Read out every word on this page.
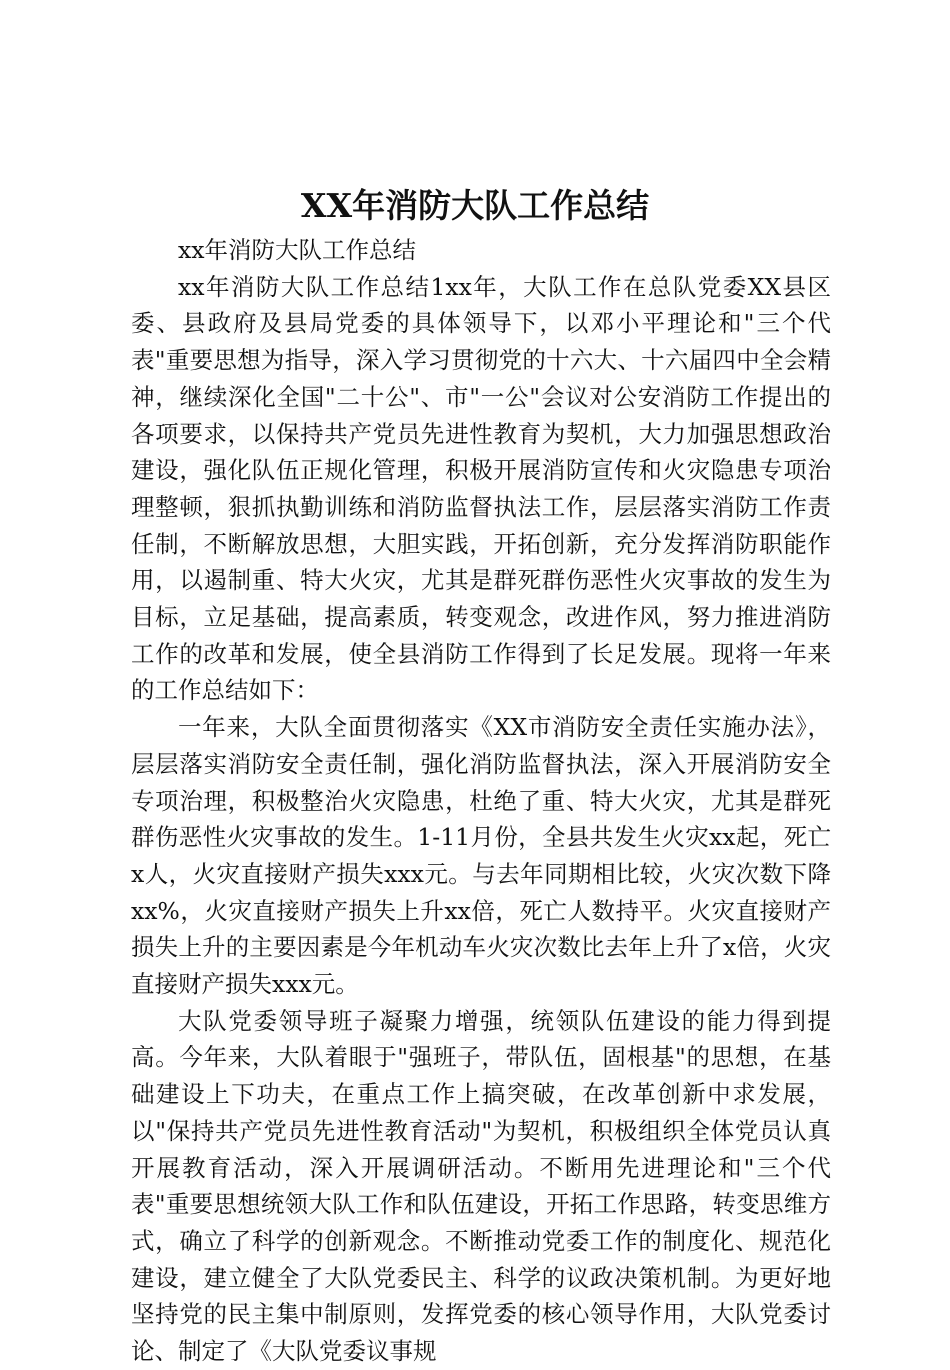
XX年消防大队工作总结

xx年消防大队工作总结

xx年消防大队工作总结1xx年，大队工作在总队党委XX县区委、县政府及县局党委的具体领导下，以邓小平理论和"三个代表"重要思想为指导，深入学习贯彻党的十六大、十六届四中全会精神，继续深化全国"二十公"、市"一公"会议对公安消防工作提出的各项要求，以保持共产党员先进性教育为契机，大力加强思想政治建设，强化队伍正规化管理，积极开展消防宣传和火灾隐患专项治理整顿，狠抓执勤训练和消防监督执法工作，层层落实消防工作责任制，不断解放思想，大胆实践，开拓创新，充分发挥消防职能作用，以遏制重、特大火灾，尤其是群死群伤恶性火灾事故的发生为目标，立足基础，提高素质，转变观念，改进作风，努力推进消防工作的改革和发展，使全县消防工作得到了长足发展。现将一年来的工作总结如下：

一年来，大队全面贯彻落实《XX市消防安全责任实施办法》，层层落实消防安全责任制，强化消防监督执法，深入开展消防安全专项治理，积极整治火灾隐患，杜绝了重、特大火灾，尤其是群死群伤恶性火灾事故的发生。1-11月份，全县共发生火灾xx起，死亡x人，火灾直接财产损失xxx元。与去年同期相比较，火灾次数下降xx%，火灾直接财产损失上升xx倍，死亡人数持平。火灾直接财产损失上升的主要因素是今年机动车火灾次数比去年上升了x倍，火灾直接财产损失xxx元。

大队党委领导班子凝聚力增强，统领队伍建设的能力得到提高。今年来，大队着眼于"强班子，带队伍，固根基"的思想，在基础建设上下功夫，在重点工作上搞突破，在改革创新中求发展，以"保持共产党员先进性教育活动"为契机，积极组织全体党员认真开展教育活动，深入开展调研活动。不断用先进理论和"三个代表"重要思想统领大队工作和队伍建设，开拓工作思路，转变思维方式，确立了科学的创新观念。不断推动党委工作的制度化、规范化建设，建立健全了大队党委民主、科学的议政决策机制。为更好地坚持党的民主集中制原则，发挥党委的核心领导作用，大队党委讨论、制定了《大队党委议事规
